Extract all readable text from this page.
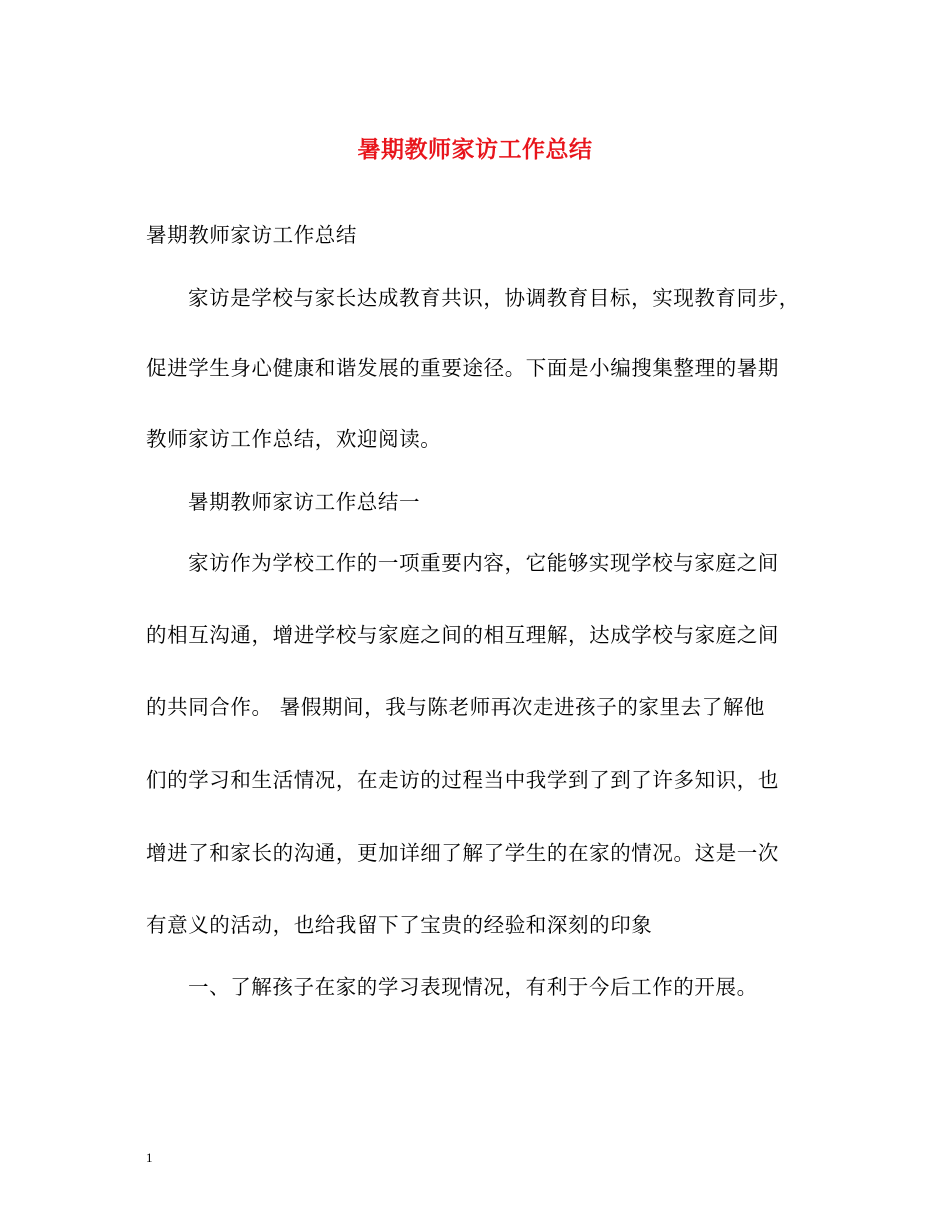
暑期教师家访工作总结
暑期教师家访工作总结
家访是学校与家长达成教育共识，协调教育目标，实现教育同步，
促进学生身心健康和谐发展的重要途径。下面是小编搜集整理的暑期
教师家访工作总结，欢迎阅读。
暑期教师家访工作总结一
家访作为学校工作的一项重要内容，它能够实现学校与家庭之间
的相互沟通，增进学校与家庭之间的相互理解，达成学校与家庭之间
的共同合作。 暑假期间，我与陈老师再次走进孩子的家里去了解他
们的学习和生活情况，在走访的过程当中我学到了到了许多知识，也
增进了和家长的沟通，更加详细了解了学生的在家的情况。这是一次
有意义的活动，也给我留下了宝贵的经验和深刻的印象
一、了解孩子在家的学习表现情况，有利于今后工作的开展。
1
